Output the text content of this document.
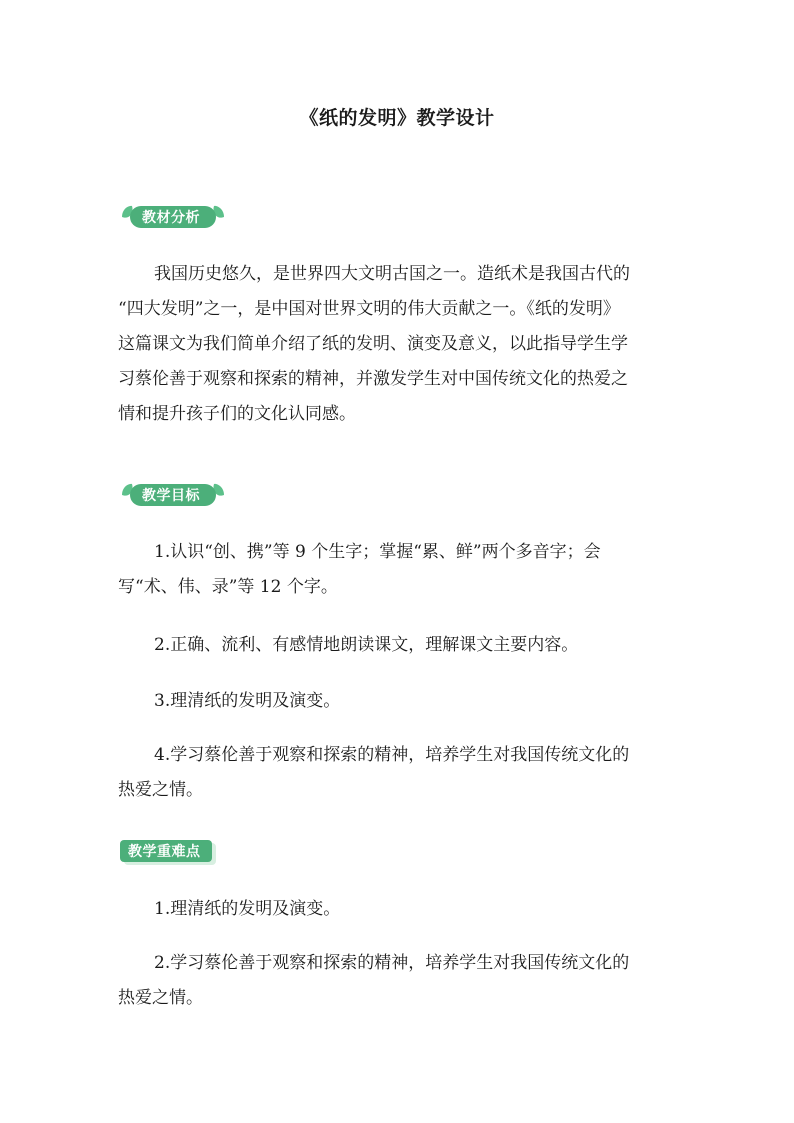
《纸的发明》教学设计
教材分析
我国历史悠久，是世界四大文明古国之一。造纸术是我国古代的
“四大发明”之一，是中国对世界文明的伟大贡献之一。《纸的发明》
这篇课文为我们简单介绍了纸的发明、演变及意义，以此指导学生学
习蔡伦善于观察和探索的精神，并激发学生对中国传统文化的热爱之
情和提升孩子们的文化认同感。
教学目标
1.认识“创、携”等 9 个生字；掌握“累、鲜”两个多音字；会
写“术、伟、录”等 12 个字。
2.正确、流利、有感情地朗读课文，理解课文主要内容。
3.理清纸的发明及演变。
4.学习蔡伦善于观察和探索的精神，培养学生对我国传统文化的
热爱之情。
教学重难点
1.理清纸的发明及演变。
2.学习蔡伦善于观察和探索的精神，培养学生对我国传统文化的
热爱之情。
